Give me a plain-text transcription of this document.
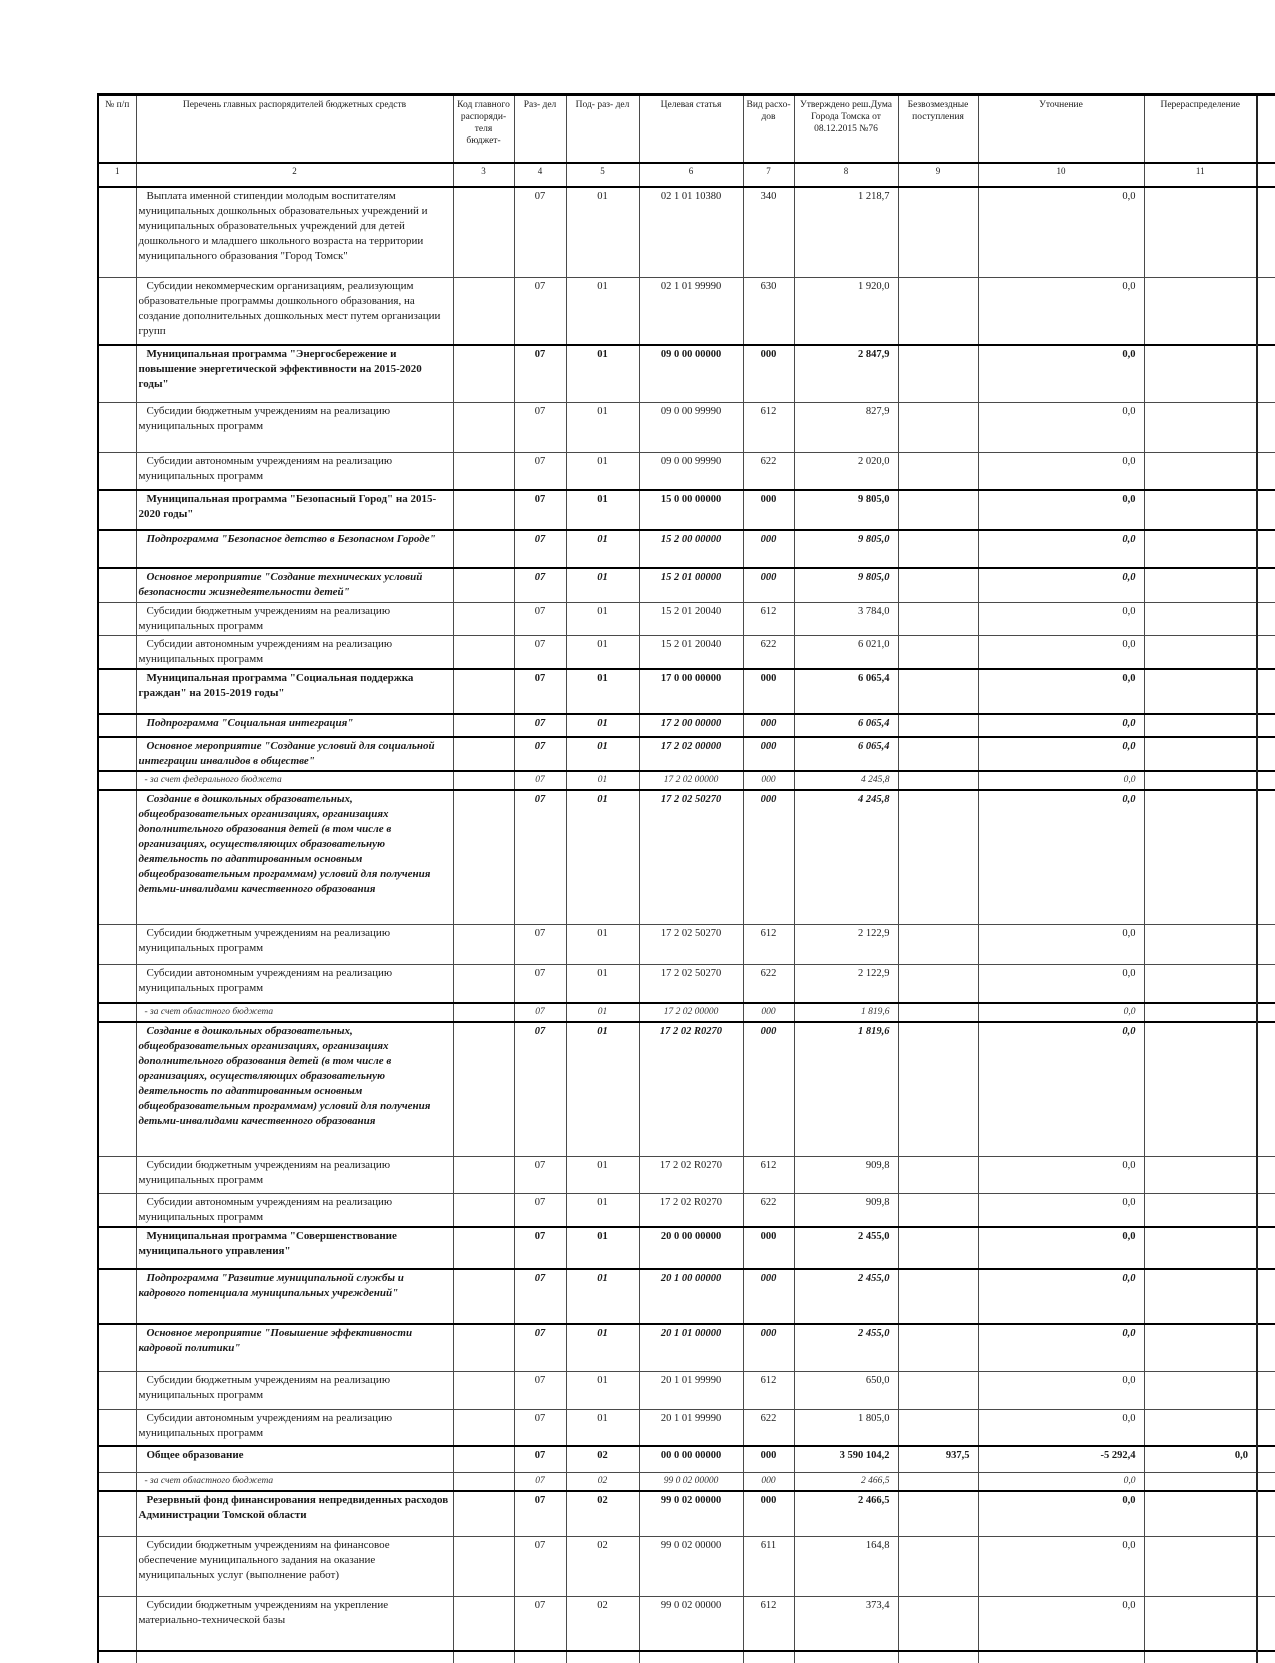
№ п/п	Перечень главных распорядителей бюджетных средств	Код главного распоряди- теля бюджет-	Раз- дел	Под- раз- дел	Целевая статья	Вид расхо- дов	Утверждено реш.Дума Города Томска от 08.12.2015 №76	Безвозмездные поступления	Уточнение	Перераспределение	
1	2	3	4	5	6	7	8	9	10	11	
	Выплата именной стипендии молодым воспитателям муниципальных дошкольных образовательных учреждений и муниципальных образовательных учреждений для детей дошкольного и младшего школьного возраста на территории муниципального образования "Город Томск"		07	01	02 1 01 10380	340	1 218,7		0,0		
	Субсидии некоммерческим организациям, реализующим образовательные программы дошкольного образования, на создание дополнительных дошкольных мест путем организации групп		07	01	02 1 01 99990	630	1 920,0		0,0		
	Муниципальная программа "Энергосбережение и повышение энергетической эффективности на 2015-2020 годы"		07	01	09 0 00 00000	000	2 847,9		0,0		
	Субсидии бюджетным учреждениям на реализацию муниципальных программ		07	01	09 0 00 99990	612	827,9		0,0		
	Субсидии автономным учреждениям на реализацию муниципальных программ		07	01	09 0 00 99990	622	2 020,0		0,0		
	Муниципальная программа "Безопасный Город" на 2015-2020 годы"		07	01	15 0 00 00000	000	9 805,0		0,0		
	Подпрограмма "Безопасное детство в Безопасном Городе"		07	01	15 2 00 00000	000	9 805,0		0,0		
	Основное мероприятие "Создание технических условий безопасности жизнедеятельности детей"		07	01	15 2 01 00000	000	9 805,0		0,0		
	Субсидии бюджетным учреждениям на реализацию муниципальных программ		07	01	15 2 01 20040	612	3 784,0		0,0		
	Субсидии автономным учреждениям на реализацию муниципальных программ		07	01	15 2 01 20040	622	6 021,0		0,0		
	Муниципальная программа "Социальная поддержка граждан" на 2015-2019 годы"		07	01	17 0 00 00000	000	6 065,4		0,0		
	Подпрограмма "Социальная интеграция"		07	01	17 2 00 00000	000	6 065,4		0,0		
	Основное мероприятие "Создание условий для социальной интеграции инвалидов в обществе"		07	01	17 2 02 00000	000	6 065,4		0,0		
	- за счет федерального бюджета		07	01	17 2 02 00000	000	4 245,8		0,0		
	Создание в дошкольных образовательных, общеобразовательных организациях, организациях дополнительного образования детей (в том числе в организациях, осуществляющих образовательную деятельность по адаптированным основным общеобразовательным программам) условий для получения детьми-инвалидами качественного образования		07	01	17 2 02 50270	000	4 245,8		0,0		
	Субсидии бюджетным учреждениям на реализацию муниципальных программ		07	01	17 2 02 50270	612	2 122,9		0,0		
	Субсидии автономным учреждениям на реализацию муниципальных программ		07	01	17 2 02 50270	622	2 122,9		0,0		
	- за счет областного бюджета		07	01	17 2 02 00000	000	1 819,6		0,0		
	Создание в дошкольных образовательных, общеобразовательных организациях, организациях дополнительного образования детей (в том числе в организациях, осуществляющих образовательную деятельность по адаптированным основным общеобразовательным программам) условий для получения детьми-инвалидами качественного образования		07	01	17 2 02 R0270	000	1 819,6		0,0		
	Субсидии бюджетным учреждениям на реализацию муниципальных программ		07	01	17 2 02 R0270	612	909,8		0,0		
	Субсидии автономным учреждениям на реализацию муниципальных программ		07	01	17 2 02 R0270	622	909,8		0,0		
	Муниципальная программа "Совершенствование муниципального управления"		07	01	20 0 00 00000	000	2 455,0		0,0		
	Подпрограмма "Развитие муниципальной службы и кадрового потенциала муниципальных учреждений"		07	01	20 1 00 00000	000	2 455,0		0,0		
	Основное мероприятие "Повышение эффективности кадровой политики"		07	01	20 1 01 00000	000	2 455,0		0,0		
	Субсидии бюджетным учреждениям на реализацию муниципальных программ		07	01	20 1 01 99990	612	650,0		0,0		
	Субсидии автономным учреждениям на реализацию муниципальных программ		07	01	20 1 01 99990	622	1 805,0		0,0		
	Общее образование		07	02	00 0 00 00000	000	3 590 104,2	937,5	-5 292,4	0,0	
	- за счет областного бюджета		07	02	99 0 02 00000	000	2 466,5		0,0		
	Резервный фонд финансирования непредвиденных расходов Администрации Томской области		07	02	99 0 02 00000	000	2 466,5		0,0		
	Субсидии бюджетным учреждениям на финансовое обеспечение муниципального задания на оказание муниципальных услуг (выполнение работ)		07	02	99 0 02 00000	611	164,8		0,0		
	Субсидии бюджетным учреждениям на укрепление материально-технической базы		07	02	99 0 02 00000	612	373,4		0,0		
